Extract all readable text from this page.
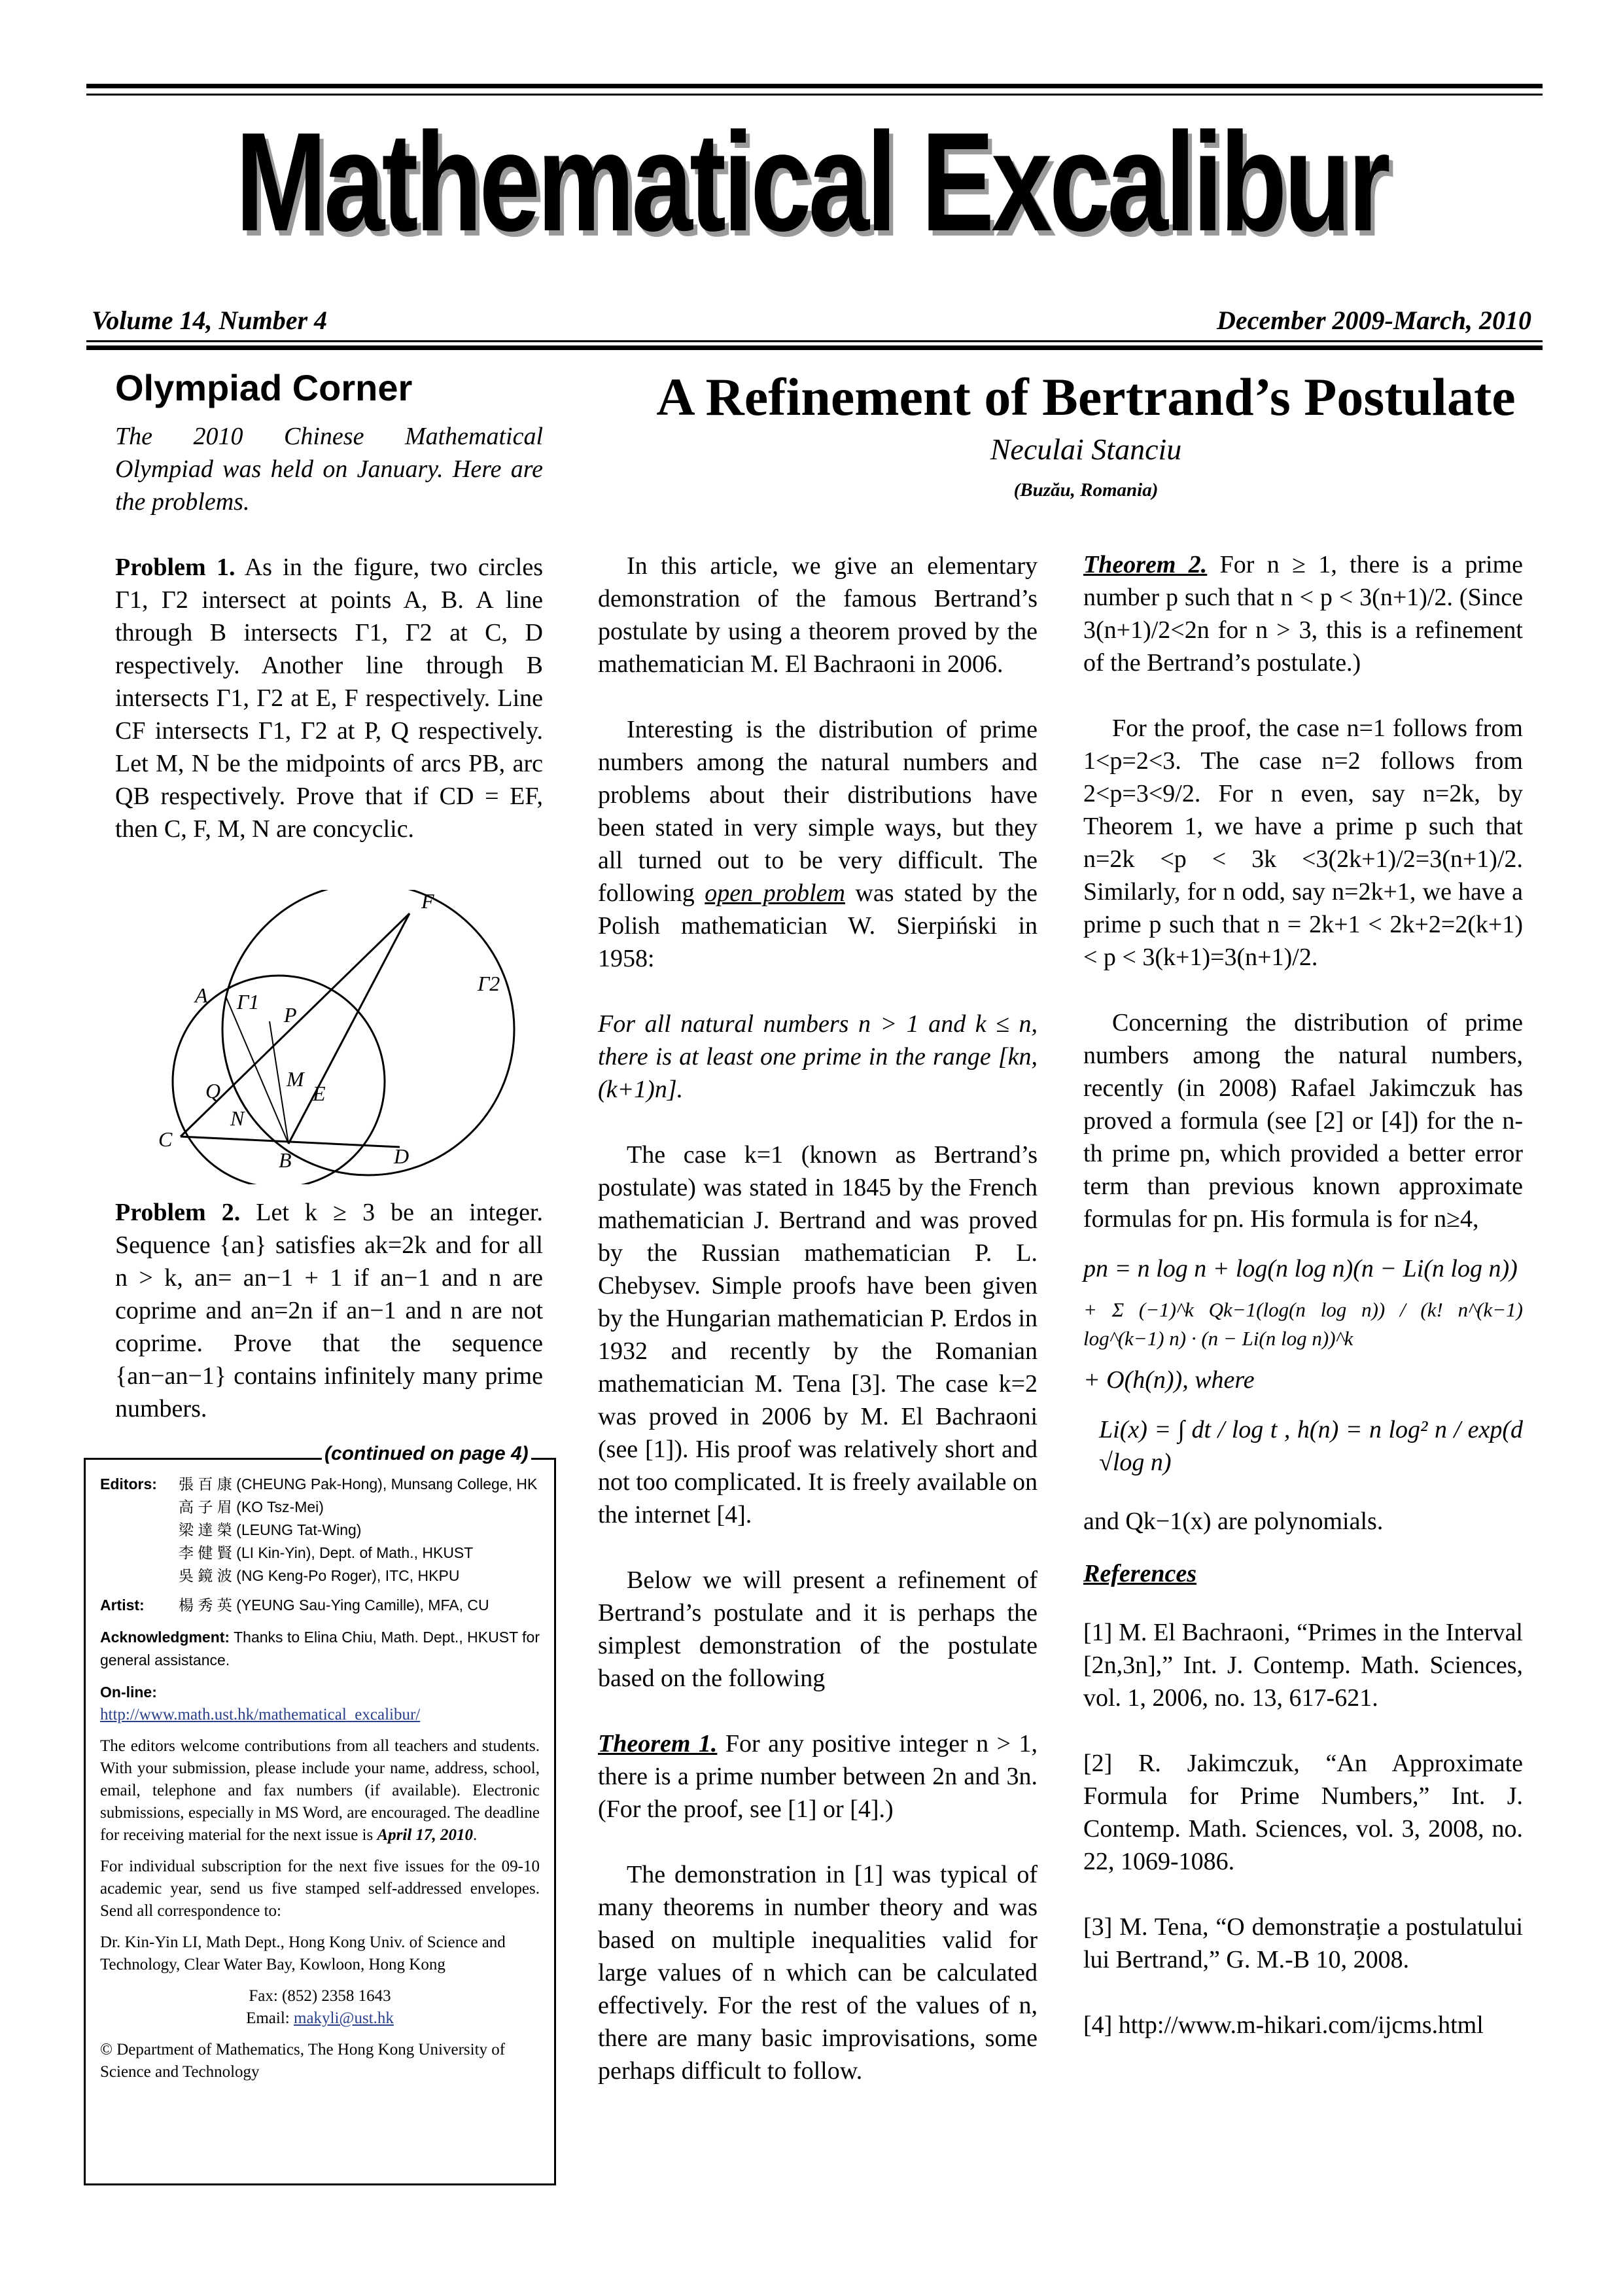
Mathematical Excalibur
Volume 14, Number 4	December 2009-March, 2010
Olympiad Corner

The 2010 Chinese Mathematical Olympiad was held on January. Here are the problems.

Problem 1. As in the figure, two circles Γ1, Γ2 intersect at points A, B. A line through B intersects Γ1, Γ2 at C, D respectively. Another line through B intersects Γ1, Γ2 at E, F respectively. Line CF intersects Γ1, Γ2 at P, Q respectively. Let M, N be the midpoints of arcs PB, arc QB respectively. Prove that if CD = EF, then C, F, M, N are concyclic.

F
A Γ1
P
Γ2
Q	M
E
N
C
B	D
Problem 2. Let k ≥ 3 be an integer. Sequence {an} satisfies ak=2k and for all n > k, an= an−1 + 1 if an−1 and n are coprime and an=2n if an−1 and n are not coprime. Prove that the sequence {an−an−1} contains infinitely many prime numbers.
Editors:	張 百 康 (CHEUNG Pak-Hong), Munsang College, HK
高 子 眉 (KO Tsz-Mei)
梁 達 榮 (LEUNG Tat-Wing)
李 健 賢 (LI Kin-Yin), Dept. of Math., HKUST
吳 鏡 波 (NG Keng-Po Roger), ITC, HKPU
Artist:	楊 秀 英 (YEUNG Sau-Ying Camille), MFA, CU

Acknowledgment: Thanks to Elina Chiu, Math. Dept., HKUST for general assistance.

On-line:

http://www.math.ust.hk/mathematical_excalibur/

The editors welcome contributions from all teachers and students. With your submission, please include your name, address, school, email, telephone and fax numbers (if available). Electronic submissions, especially in MS Word, are encouraged. The deadline for receiving material for the next issue is April 17, 2010.

For individual subscription for the next five issues for the 09-10 academic year, send us five stamped self-addressed envelopes. Send all correspondence to:

Dr. Kin-Yin LI, Math Dept., Hong Kong Univ. of Science and Technology, Clear Water Bay, Kowloon, Hong Kong

Fax: (852) 2358 1643

Email: makyli@ust.hk

© Department of Mathematics, The Hong Kong University of Science and Technology
(continued on page 4)
A Refinement of Bertrand’s Postulate
Neculai Stanciu
(Buzău, Romania)

In this article, we give an elementary demonstration of the famous Bertrand’s postulate by using a theorem proved by the mathematician M. El Bachraoni in 2006.

Interesting is the distribution of prime numbers among the natural numbers and problems about their distributions have been stated in very simple ways, but they all turned out to be very difficult. The following open problem was stated by the Polish mathematician W. Sierpiński in 1958:

For all natural numbers n > 1 and k ≤ n, there is at least one prime in the range [kn,(k+1)n].

The case k=1 (known as Bertrand’s postulate) was stated in 1845 by the French mathematician J. Bertrand and was proved by the Russian mathematician P. L. Chebysev. Simple proofs have been given by the Hungarian mathematician P. Erdos in 1932 and recently by the Romanian mathematician M. Tena [3]. The case k=2 was proved in 2006 by M. El Bachraoni (see [1]). His proof was relatively short and not too complicated. It is freely available on the internet [4].

Below we will present a refinement of Bertrand’s postulate and it is perhaps the simplest demonstration of the postulate based on the following

Theorem 1. For any positive integer n > 1, there is a prime number between 2n and 3n. (For the proof, see [1] or [4].)

The demonstration in [1] was typical of many theorems in number theory and was based on multiple inequalities valid for large values of n which can be calculated effectively. For the rest of the values of n, there are many basic improvisations, some perhaps difficult to follow.

Theorem 2. For n ≥ 1, there is a prime number p such that n < p < 3(n+1)/2. (Since 3(n+1)/2<2n for n > 3, this is a refinement of the Bertrand’s postulate.)

For the proof, the case n=1 follows from 1<p=2<3. The case n=2 follows from 2<p=3<9/2. For n even, say n=2k, by Theorem 1, we have a prime p such that n=2k <p < 3k <3(2k+1)/2=3(n+1)/2. Similarly, for n odd, say n=2k+1, we have a prime p such that n = 2k+1 < 2k+2=2(k+1) < p < 3(k+1)=3(n+1)/2.

Concerning the distribution of prime numbers among the natural numbers, recently (in 2008) Rafael Jakimczuk has proved a formula (see [2] or [4]) for the n-th prime pn, which provided a better error term than previous known approximate formulas for pn. His formula is for n≥4,

pn = n log n + log(n log n)(n − Li(n log n))
+ Σ (−1)^k Qk−1(log(n log n)) / (k! n^(k−1) log^(k−1) n) · (n − Li(n log n))^k
+ O(h(n)), where
Li(x) = ∫ dt / log t , h(n) = n log² n / exp(d √log n)

and Qk−1(x) are polynomials.

References

[1] M. El Bachraoni, “Primes in the Interval [2n,3n],” Int. J. Contemp. Math. Sciences, vol. 1, 2006, no. 13, 617-621.

[2] R. Jakimczuk, “An Approximate Formula for Prime Numbers,” Int. J. Contemp. Math. Sciences, vol. 3, 2008, no. 22, 1069-1086.

[3] M. Tena, “O demonstrație a postulatului lui Bertrand,” G. M.-B 10, 2008.

[4] http://www.m-hikari.com/ijcms.html
